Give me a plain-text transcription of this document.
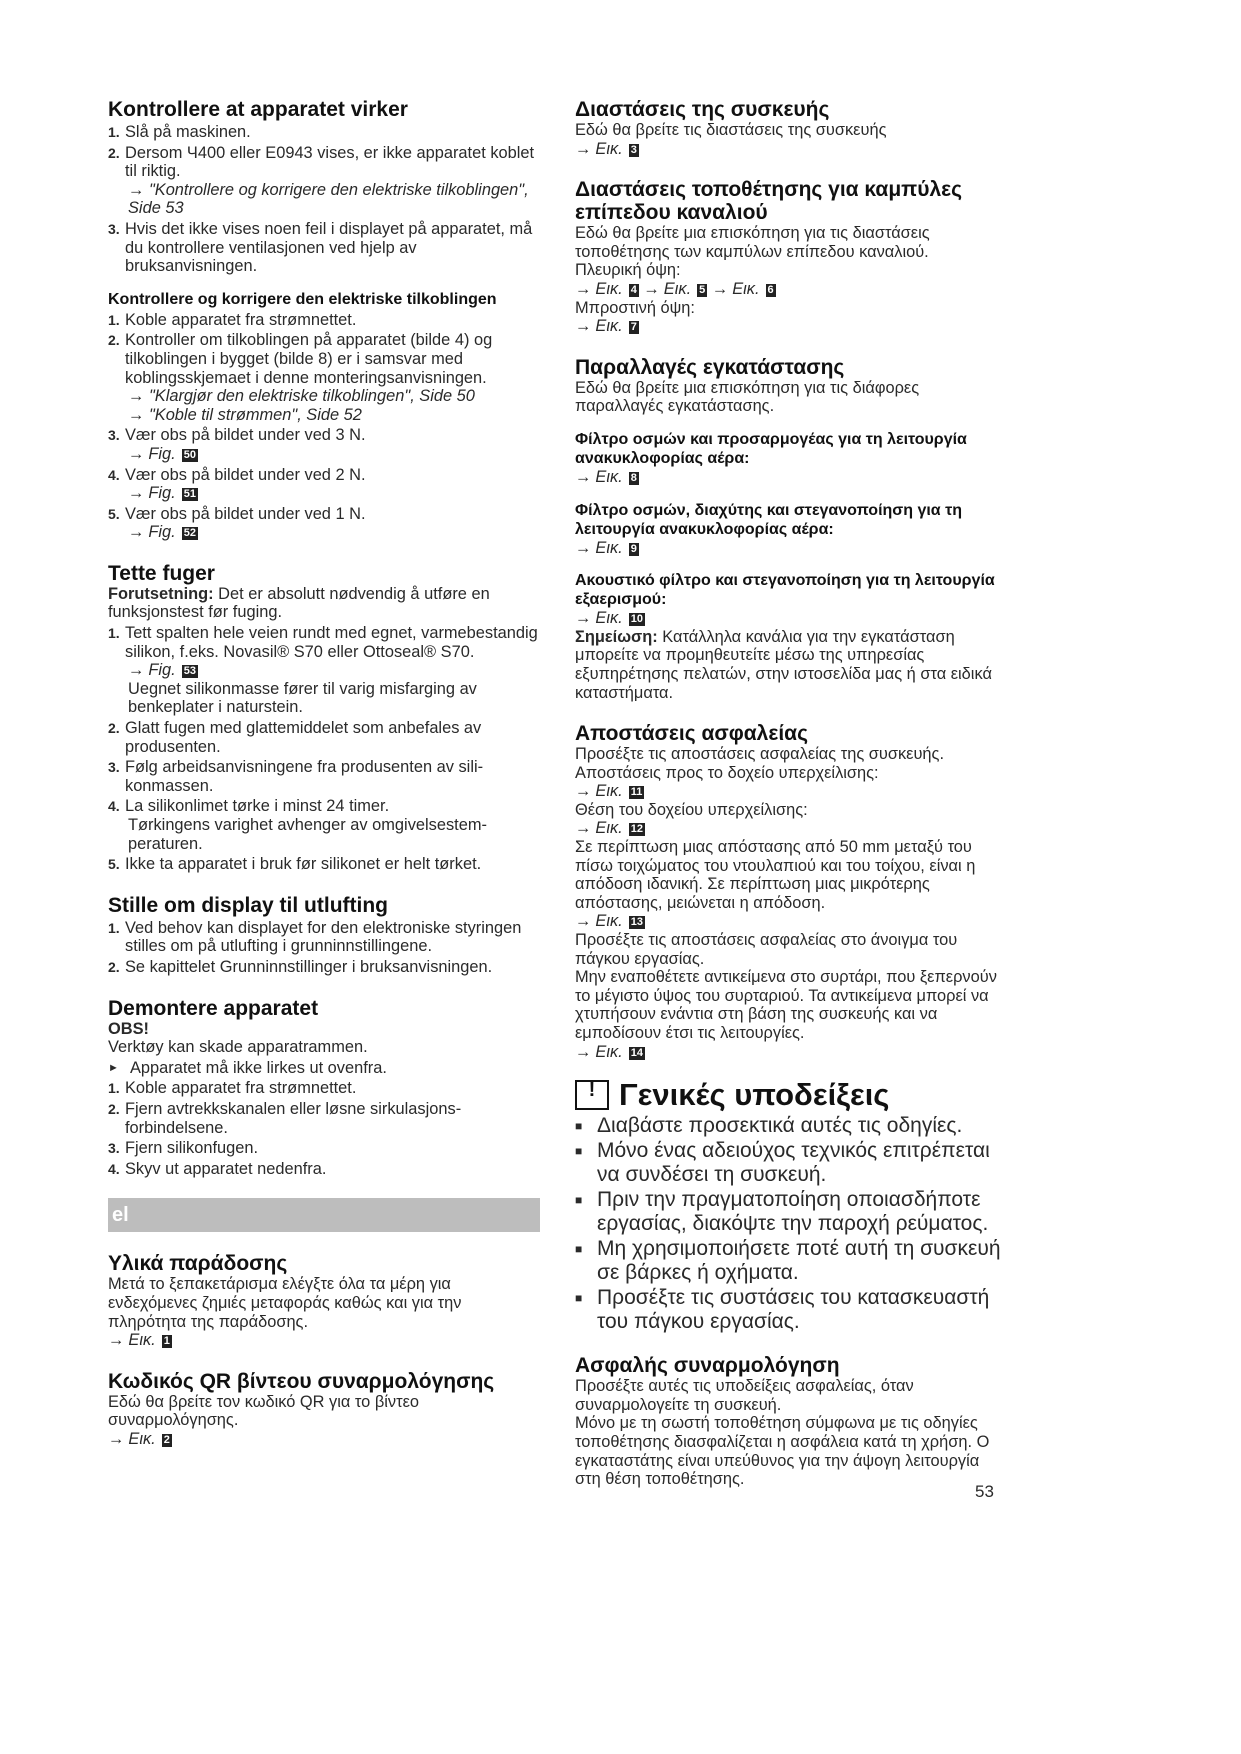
Kontrollere at apparatet virker
1. Slå på maskinen.
2. Dersom Ч400 eller E0943 vises, er ikke apparatet koblet til riktig.
→ "Kontrollere og korrigere den elektriske tilkoblingen", Side 53
3. Hvis det ikke vises noen feil i displayet på apparatet, må du kontrollere ventilasjonen ved hjelp av bruksanvisningen.
Kontrollere og korrigere den elektriske tilkoblingen
1. Koble apparatet fra strømnettet.
2. Kontroller om tilkoblingen på apparatet (bilde 4) og tilkoblingen i bygget (bilde 8) er i samsvar med koblingsskjemaet i denne monteringsanvisningen.
→ "Klargjør den elektriske tilkoblingen", Side 50
→ "Koble til strømmen", Side 52
3. Vær obs på bildet under ved 3 N.
→ Fig. 50
4. Vær obs på bildet under ved 2 N.
→ Fig. 51
5. Vær obs på bildet under ved 1 N.
→ Fig. 52
Tette fuger

Forutsetning: Det er absolutt nødvendig å utføre en funksjonstest før fuging.

1. Tett spalten hele veien rundt med egnet, varmebestandig silikon, f.eks. Novasil® S70 eller Ottoseal® S70.
→ Fig. 53

Uegnet silikonmasse fører til varig misfarging av benkeplater i naturstein.

2. Glatt fugen med glattemiddelet som anbefales av produsenten.
3. Følg arbeidsanvisningene fra produsenten av silikonmassen.
4. La silikonlimet tørke i minst 24 timer.

Tørkingens varighet avhenger av omgivelsestemperaturen.

5. Ikke ta apparatet i bruk før silikonet er helt tørket.
Stille om display til utlufting
1. Ved behov kan displayet for den elektroniske styringen stilles om på utlufting i grunninnstillingene.
2. Se kapittelet Grunninnstillinger i bruksanvisningen.
Demontere apparatet
OBS!

Verktøy kan skade apparatrammen.

► Apparatet må ikke lirkes ut ovenfra.
1. Koble apparatet fra strømnettet.
2. Fjern avtrekkskanalen eller løsne sirkulasjonsforbindelsene.
3. Fjern silikonfugen.
4. Skyv ut apparatet nedenfra.
el
Υλικά παράδοσης

Μετά το ξεπακετάρισμα ελέγξτε όλα τα μέρη για ενδεχόμενες ζημιές μεταφοράς καθώς και για την πληρότητα της παράδοσης.

→ Εικ. 1
Κωδικός QR βίντεου συναρμολόγησης

Εδώ θα βρείτε τον κωδικό QR για το βίντεο συναρμολόγησης.

→ Εικ. 2
Διαστάσεις της συσκευής

Εδώ θα βρείτε τις διαστάσεις της συσκευής

→ Εικ. 3
Διαστάσεις τοποθέτησης για καμπύλες επίπεδου καναλιού

Εδώ θα βρείτε μια επισκόπηση για τις διαστάσεις τοποθέτησης των καμπύλων επίπεδου καναλιού.

Πλευρική όψη:

→ Εικ. 4 → Εικ. 5 → Εικ. 6

Μπροστινή όψη:

→ Εικ. 7
Παραλλαγές εγκατάστασης

Εδώ θα βρείτε μια επισκόπηση για τις διάφορες παραλλαγές εγκατάστασης.

Φίλτρο οσμών και προσαρμογέας για τη λειτουργία ανακυκλοφορίας αέρα:
→ Εικ. 8
Φίλτρο οσμών, διαχύτης και στεγανοποίηση για τη λειτουργία ανακυκλοφορίας αέρα:
→ Εικ. 9
Ακουστικό φίλτρο και στεγανοποίηση για τη λειτουργία εξαερισμού:
→ Εικ. 10

Σημείωση: Κατάλληλα κανάλια για την εγκατάσταση μπορείτε να προμηθευτείτε μέσω της υπηρεσίας εξυπηρέτησης πελατών, στην ιστοσελίδα μας ή στα ειδικά καταστήματα.

Αποστάσεις ασφαλείας

Προσέξτε τις αποστάσεις ασφαλείας της συσκευής.

Αποστάσεις προς το δοχείο υπερχείλισης:

→ Εικ. 11

Θέση του δοχείου υπερχείλισης:

→ Εικ. 12

Σε περίπτωση μιας απόστασης από 50 mm μεταξύ του πίσω τοιχώματος του ντουλαπιού και του τοίχου, είναι η απόδοση ιδανική. Σε περίπτωση μιας μικρότερης απόστασης, μειώνεται η απόδοση.

→ Εικ. 13

Προσέξτε τις αποστάσεις ασφαλείας στο άνοιγμα του πάγκου εργασίας.

Μην εναποθέτετε αντικείμενα στο συρτάρι, που ξεπερνούν το μέγιστο ύψος του συρταριού. Τα αντικείμενα μπορεί να χτυπήσουν ενάντια στη βάση της συσκευής και να εμποδίσουν έτσι τις λειτουργίες.

→ Εικ. 14
! Γενικές υποδείξεις
■ Διαβάστε προσεκτικά αυτές τις οδηγίες.
■ Μόνο ένας αδειούχος τεχνικός επιτρέπεται να συνδέσει τη συσκευή.
■ Πριν την πραγματοποίηση οποιασδήποτε εργασίας, διακόψτε την παροχή ρεύματος.
■ Μη χρησιμοποιήσετε ποτέ αυτή τη συσκευή σε βάρκες ή οχήματα.
■ Προσέξτε τις συστάσεις του κατασκευαστή του πάγκου εργασίας.
Ασφαλής συναρμολόγηση

Προσέξτε αυτές τις υποδείξεις ασφαλείας, όταν συναρμολογείτε τη συσκευή.

Μόνο με τη σωστή τοποθέτηση σύμφωνα με τις οδηγίες τοποθέτησης διασφαλίζεται η ασφάλεια κατά τη χρήση. Ο εγκαταστάτης είναι υπεύθυνος για την άψογη λειτουργία στη θέση τοποθέτησης.

53
